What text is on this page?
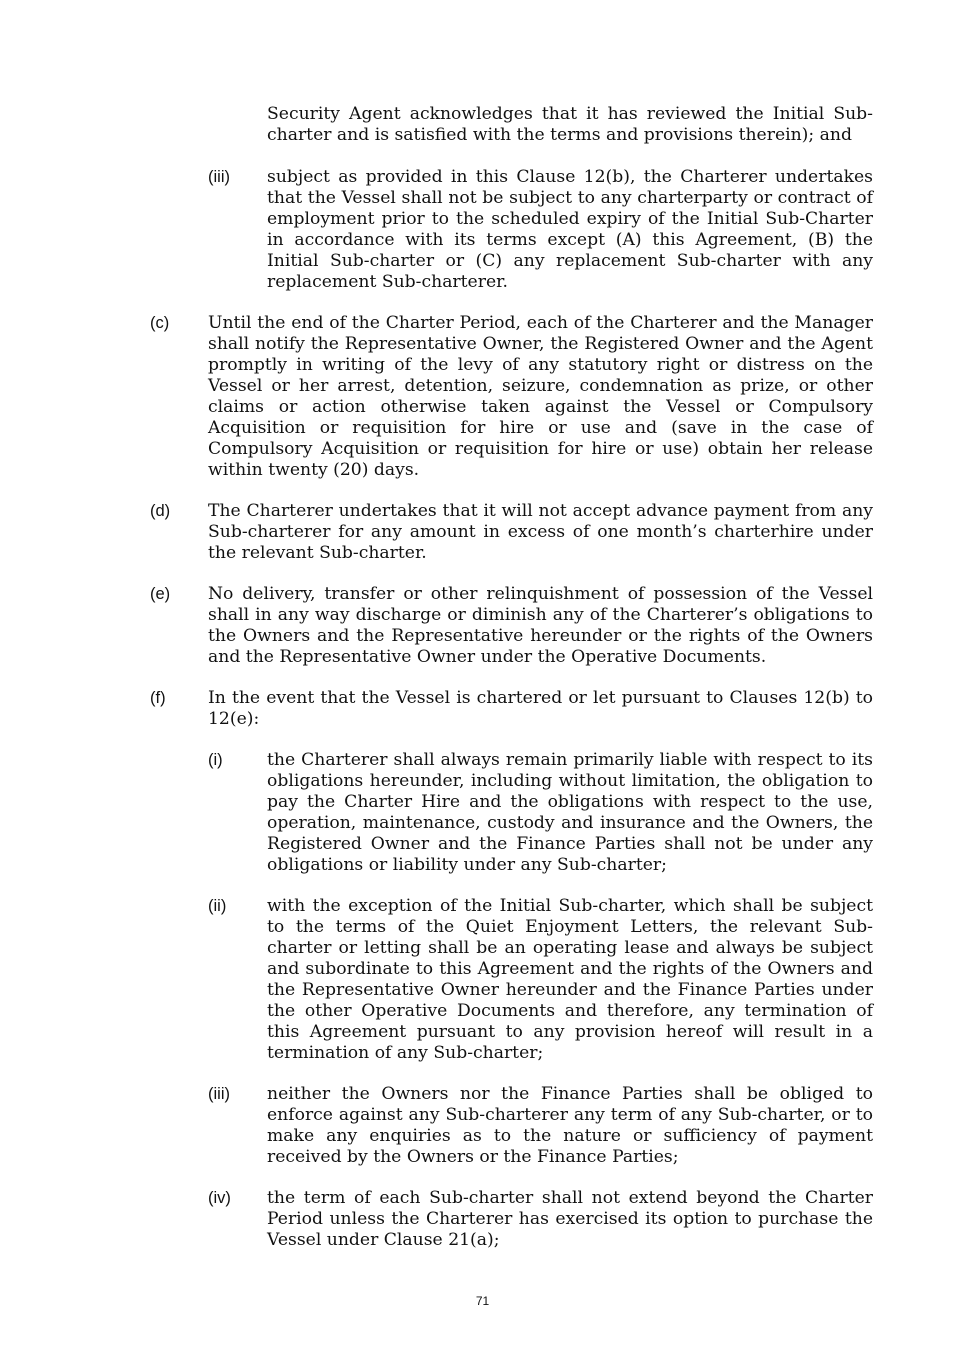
Security Agent acknowledges that it has reviewed the Initial Sub-charter and is satisfied with the terms and provisions therein); and

(iii) subject as provided in this Clause 12(b), the Charterer undertakes that the Vessel shall not be subject to any charterparty or contract of employment prior to the scheduled expiry of the Initial Sub-Charter in accordance with its terms except (A) this Agreement, (B) the Initial Sub-charter or (C) any replacement Sub-charter with any replacement Sub-charterer.

(c) Until the end of the Charter Period, each of the Charterer and the Manager shall notify the Representative Owner, the Registered Owner and the Agent promptly in writing of the levy of any statutory right or distress on the Vessel or her arrest, detention, seizure, condemnation as prize, or other claims or action otherwise taken against the Vessel or Compulsory Acquisition or requisition for hire or use and (save in the case of Compulsory Acquisition or requisition for hire or use) obtain her release within twenty (20) days.

(d) The Charterer undertakes that it will not accept advance payment from any Sub-charterer for any amount in excess of one month’s charterhire under the relevant Sub-charter.

(e) No delivery, transfer or other relinquishment of possession of the Vessel shall in any way discharge or diminish any of the Charterer’s obligations to the Owners and the Representative hereunder or the rights of the Owners and the Representative Owner under the Operative Documents.

(f) In the event that the Vessel is chartered or let pursuant to Clauses 12(b) to 12(e):

(i)	the Charterer shall always remain primarily liable with respect to its obligations hereunder, including without limitation, the obligation to pay the Charter Hire and the obligations with respect to the use, operation, maintenance, custody and insurance and the Owners, the Registered Owner and the Finance Parties shall not be under any obligations or liability under any Sub-charter;

(ii) with the exception of the Initial Sub-charter, which shall be subject to the terms of the Quiet Enjoyment Letters, the relevant Sub-charter or letting shall be an operating lease and always be subject and subordinate to this Agreement and the rights of the Owners and the Representative Owner hereunder and the Finance Parties under the other Operative Documents and therefore, any termination of this Agreement pursuant to any provision hereof will result in a termination of any Sub-charter;

(iii) neither the Owners nor the Finance Parties shall be obliged to enforce against any Sub-charterer any term of any Sub-charter, or to make any enquiries as to the nature or sufficiency of payment received by the Owners or the Finance Parties;

(iv) the term of each Sub-charter shall not extend beyond the Charter Period unless the Charterer has exercised its option to purchase the Vessel under Clause 21(a);

71
